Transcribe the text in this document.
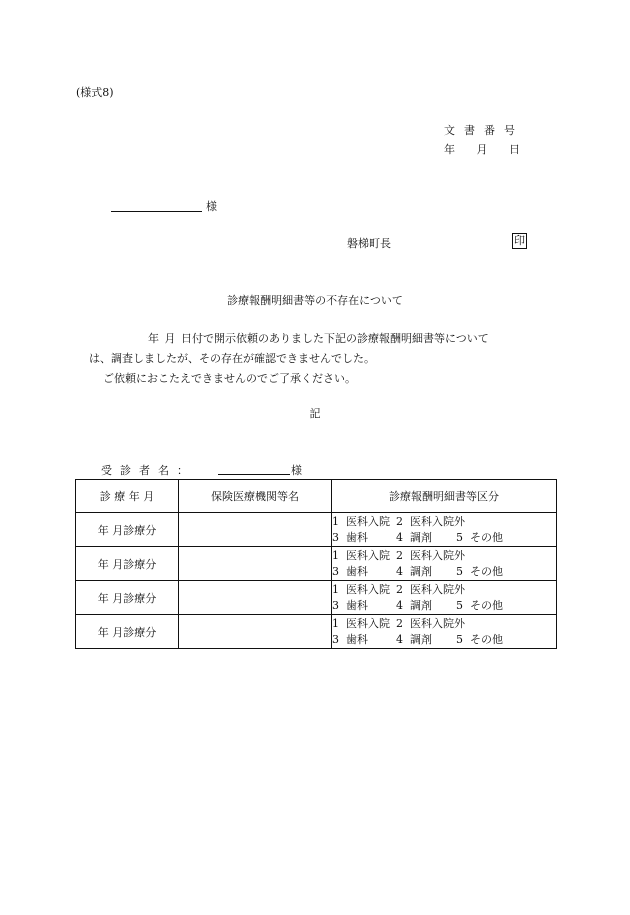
(様式8)
文書番号
年 月 日
様
磐梯町長	印
診療報酬明細書等の不存在について
年 月 日付で開示依頼のありました下記の診療報酬明細書等について
は、調査しましたが、その存在が確認できませんでした。
ご依頼におこたえできませんのでご了承ください。
記
受診者名：	様
診 療 年 月	保険医療機関等名	診療報酬明細書等区分
年 月診療分		1 医科入院 2 医科入院外
3 歯科 4 調剤 5 その他

年 月診療分		1 医科入院 2 医科入院外
3 歯科 4 調剤 5 その他

年 月診療分		1 医科入院 2 医科入院外
3 歯科 4 調剤 5 その他

年 月診療分		1 医科入院 2 医科入院外
3 歯科 4 調剤 5 その他
